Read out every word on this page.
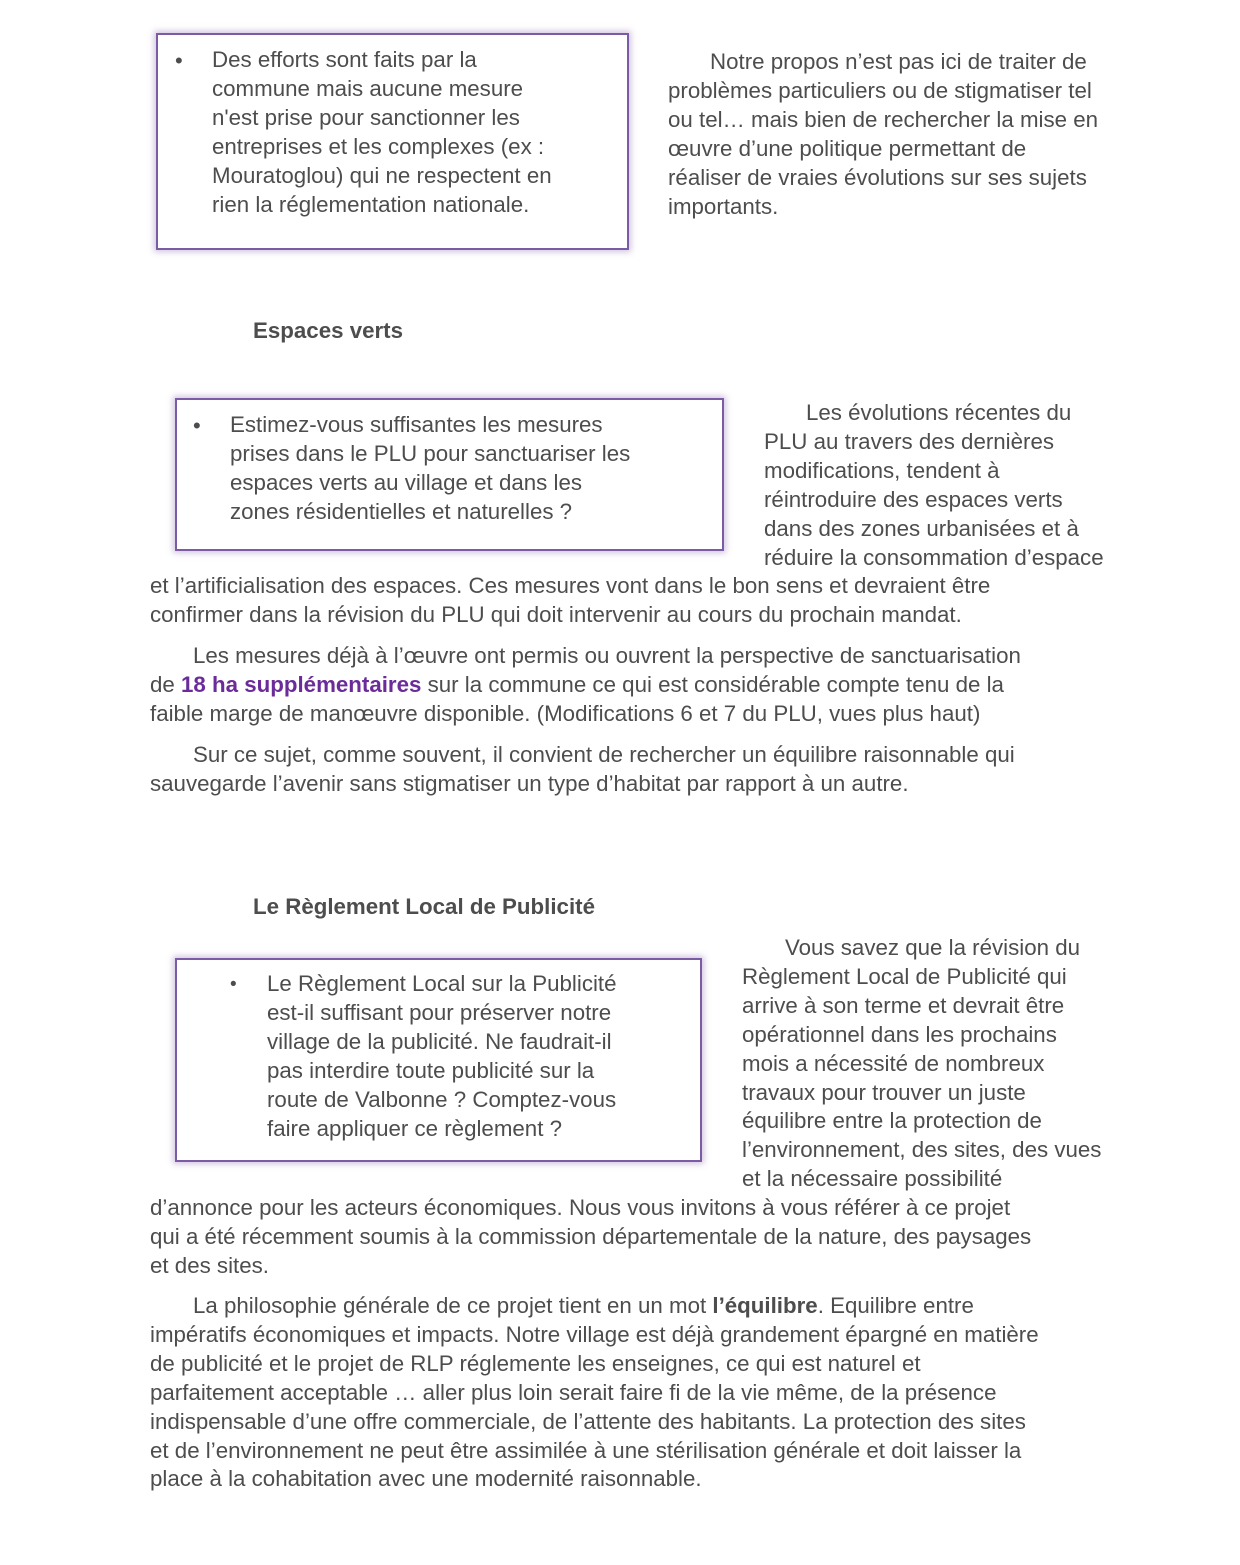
• Des efforts sont faits par la
commune mais aucune mesure
n'est prise pour sanctionner les
entreprises et les complexes (ex :
Mouratoglou) qui ne respectent en
rien la réglementation nationale.
Notre propos n’est pas ici de traiter de
problèmes particuliers ou de stigmatiser tel
ou tel… mais bien de rechercher la mise en
œuvre d’une politique permettant de
réaliser de vraies évolutions sur ses sujets
importants.
Espaces verts
• Estimez-vous suffisantes les mesures
prises dans le PLU pour sanctuariser les
espaces verts au village et dans les
zones résidentielles et naturelles ?
Les évolutions récentes du
PLU au travers des dernières
modifications, tendent à
réintroduire des espaces verts
dans des zones urbanisées et à
réduire la consommation d’espace
et l’artificialisation des espaces. Ces mesures vont dans le bon sens et devraient être
confirmer dans la révision du PLU qui doit intervenir au cours du prochain mandat.
Les mesures déjà à l’œuvre ont permis ou ouvrent la perspective de sanctuarisation
de 18 ha supplémentaires sur la commune ce qui est considérable compte tenu de la
faible marge de manœuvre disponible. (Modifications 6 et 7 du PLU, vues plus haut)
Sur ce sujet, comme souvent, il convient de rechercher un équilibre raisonnable qui
sauvegarde l’avenir sans stigmatiser un type d’habitat par rapport à un autre.
Le Règlement Local de Publicité
• Le Règlement Local sur la Publicité
est-il suffisant pour préserver notre
village de la publicité. Ne faudrait-il
pas interdire toute publicité sur la
route de Valbonne ? Comptez-vous
faire appliquer ce règlement ?
Vous savez que la révision du
Règlement Local de Publicité qui
arrive à son terme et devrait être
opérationnel dans les prochains
mois a nécessité de nombreux
travaux pour trouver un juste
équilibre entre la protection de
l’environnement, des sites, des vues
et la nécessaire possibilité
d’annonce pour les acteurs économiques. Nous vous invitons à vous référer à ce projet
qui a été récemment soumis à la commission départementale de la nature, des paysages
et des sites.
La philosophie générale de ce projet tient en un mot l’équilibre. Equilibre entre
impératifs économiques et impacts. Notre village est déjà grandement épargné en matière
de publicité et le projet de RLP réglemente les enseignes, ce qui est naturel et
parfaitement acceptable … aller plus loin serait faire fi de la vie même, de la présence
indispensable d’une offre commerciale, de l’attente des habitants. La protection des sites
et de l’environnement ne peut être assimilée à une stérilisation générale et doit laisser la
place à la cohabitation avec une modernité raisonnable.
